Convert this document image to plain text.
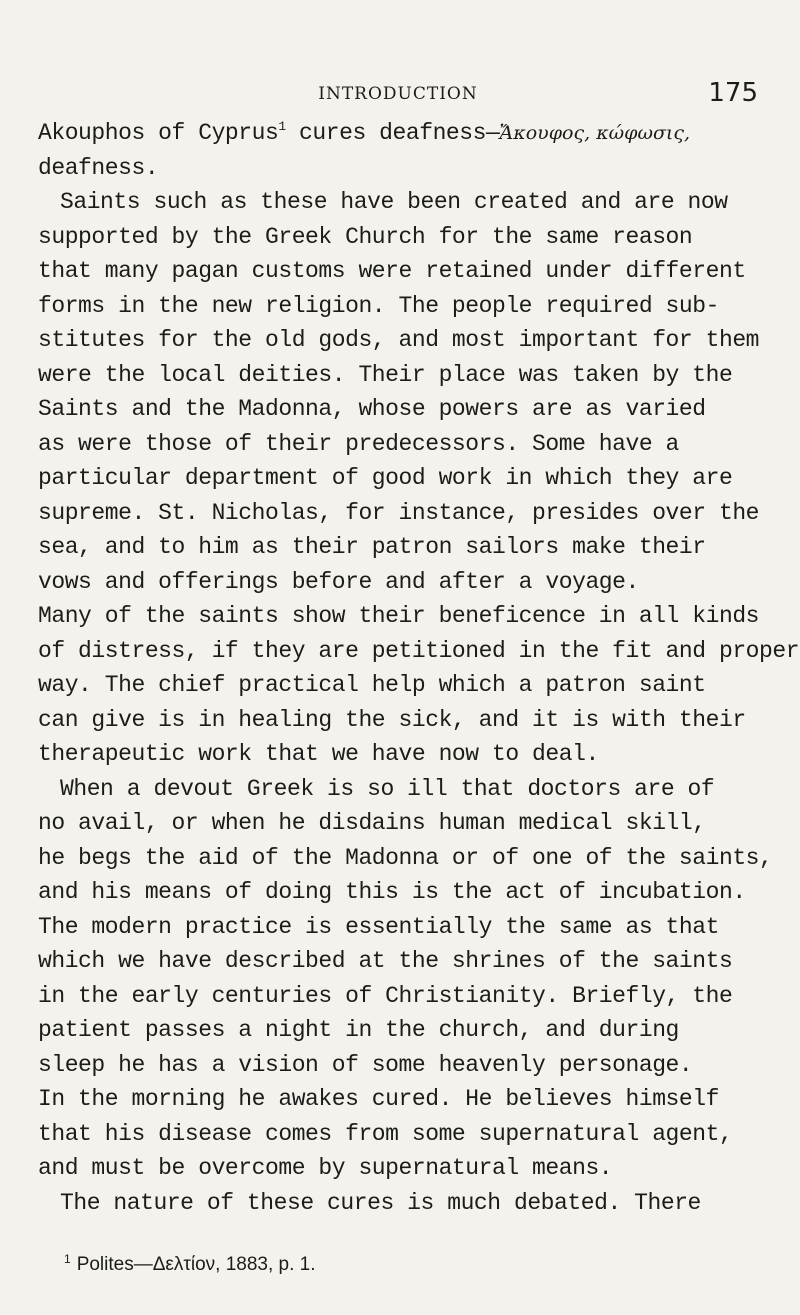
INTRODUCTION	175
Akouphos of Cyprus$^1$ cures deafness—Ἄκουφος, κώφωσις,
deafness.
Saints such as these have been created and are now
supported by the Greek Church for the same reason
that many pagan customs were retained under different
forms in the new religion. The people required sub-
stitutes for the old gods, and most important for them
were the local deities. Their place was taken by the
Saints and the Madonna, whose powers are as varied
as were those of their predecessors. Some have a
particular department of good work in which they are
supreme. St. Nicholas, for instance, presides over the
sea, and to him as their patron sailors make their
vows and offerings before and after a voyage.
Many of the saints show their beneficence in all kinds
of distress, if they are petitioned in the fit and proper
way. The chief practical help which a patron saint
can give is in healing the sick, and it is with their
therapeutic work that we have now to deal.
When a devout Greek is so ill that doctors are of
no avail, or when he disdains human medical skill,
he begs the aid of the Madonna or of one of the saints,
and his means of doing this is the act of incubation.
The modern practice is essentially the same as that
which we have described at the shrines of the saints
in the early centuries of Christianity. Briefly, the
patient passes a night in the church, and during
sleep he has a vision of some heavenly personage.
In the morning he awakes cured. He believes himself
that his disease comes from some supernatural agent,
and must be overcome by supernatural means.
The nature of these cures is much debated. There
$^1$ Polites—Δελτίον, 1883, p. 1.
